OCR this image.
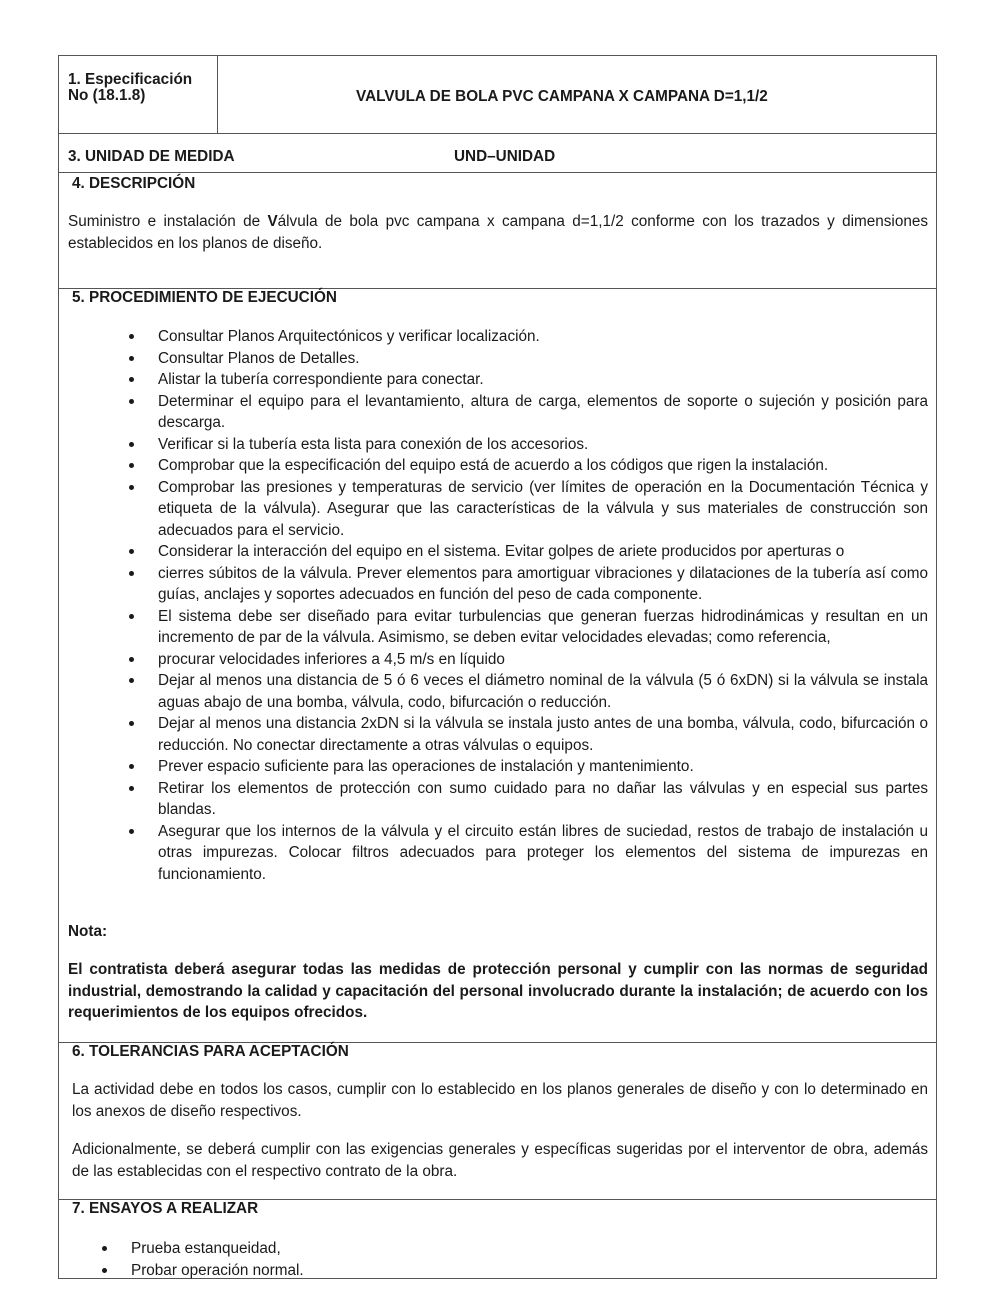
1. Especificación
No (18.1.8)	VALVULA DE BOLA PVC CAMPANA X CAMPANA D=1,1/2
3. UNIDAD DE MEDIDA	UND–UNIDAD
4. DESCRIPCIÓN
Suministro e instalación de Válvula de bola pvc campana x campana d=1,1/2 conforme con los trazados y dimensiones establecidos en los planos de diseño.
5. PROCEDIMIENTO DE EJECUCIÓN
Consultar Planos Arquitectónicos y verificar localización.
Consultar Planos de Detalles.
Alistar la tubería correspondiente para conectar.
Determinar el equipo para el levantamiento, altura de carga, elementos de soporte o sujeción y posición para descarga.
Verificar si la tubería esta lista para conexión de los accesorios.
Comprobar que la especificación del equipo está de acuerdo a los códigos que rigen la instalación.
Comprobar las presiones y temperaturas de servicio (ver límites de operación en la Documentación Técnica y etiqueta de la válvula). Asegurar que las características de la válvula y sus materiales de construcción son adecuados para el servicio.
Considerar la interacción del equipo en el sistema. Evitar golpes de ariete producidos por aperturas o
cierres súbitos de la válvula. Prever elementos para amortiguar vibraciones y dilataciones de la tubería así como guías, anclajes y soportes adecuados en función del peso de cada componente.
El sistema debe ser diseñado para evitar turbulencias que generan fuerzas hidrodinámicas y resultan en un incremento de par de la válvula. Asimismo, se deben evitar velocidades elevadas; como referencia,
procurar velocidades inferiores a 4,5 m/s en líquido
Dejar al menos una distancia de 5 ó 6 veces el diámetro nominal de la válvula (5 ó 6xDN) si la válvula se instala aguas abajo de una bomba, válvula, codo, bifurcación o reducción.
Dejar al menos una distancia 2xDN si la válvula se instala justo antes de una bomba, válvula, codo, bifurcación o reducción. No conectar directamente a otras válvulas o equipos.
Prever espacio suficiente para las operaciones de instalación y mantenimiento.
Retirar los elementos de protección con sumo cuidado para no dañar las válvulas y en especial sus partes blandas.
Asegurar que los internos de la válvula y el circuito están libres de suciedad, restos de trabajo de instalación u otras impurezas. Colocar filtros adecuados para proteger los elementos del sistema de impurezas en funcionamiento.
Nota:
El contratista deberá asegurar todas las medidas de protección personal y cumplir con las normas de seguridad industrial, demostrando la calidad y capacitación del personal involucrado durante la instalación; de acuerdo con los requerimientos de los equipos ofrecidos.
6. TOLERANCIAS PARA ACEPTACIÓN
La actividad debe en todos los casos, cumplir con lo establecido en los planos generales de diseño y con lo determinado en los anexos de diseño respectivos.
Adicionalmente, se deberá cumplir con las exigencias generales y específicas sugeridas por el interventor de obra, además de las establecidas con el respectivo contrato de la obra.
7. ENSAYOS A REALIZAR
Prueba estanqueidad,
Probar operación normal.
